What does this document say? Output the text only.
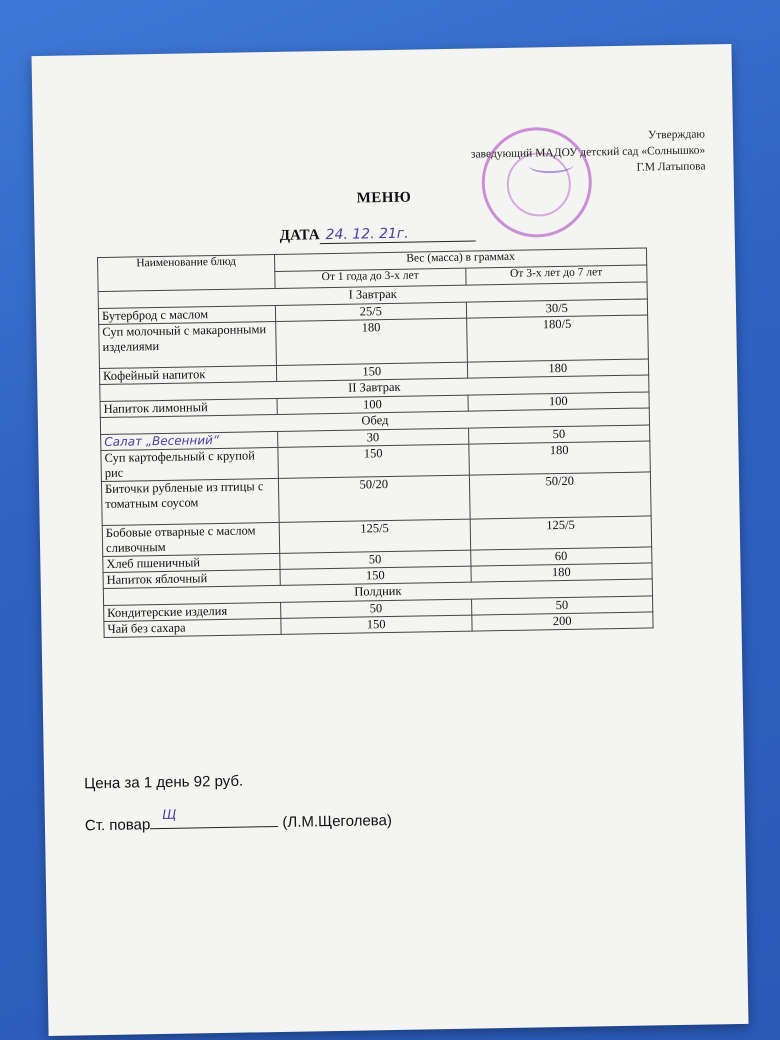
Утверждаю
заведующий МАДОУ детский сад «Солнышко»
Г.М Латыпова
МЕНЮ
ДАТА 24. 12. 21г.
Наименование блюд	Вес (масса) в граммах	
	От 1 года до 3-х лет	От 3-х лет до 7 лет
I Завтрак		
Бутерброд с маслом	25/5	30/5
Суп молочный с макаронными изделиями	180	180/5
Кофейный напиток	150	180
II Завтрак		
Напиток лимонный	100	100
Обед		
Салат „Весенний“	30	50
Суп картофельный с крупой рис	150	180
Биточки рубленые из птицы с томатным соусом	50/20	50/20
Бобовые отварные с маслом сливочным	125/5	125/5
Хлеб пшеничный	50	60
Напиток яблочный	150	180
Полдник		
Кондитерские изделия	50	50
Чай без сахара	150	200
Цена за 1 день 92 руб.
Ст. повар
Щ	(Л.М.Щеголева)
